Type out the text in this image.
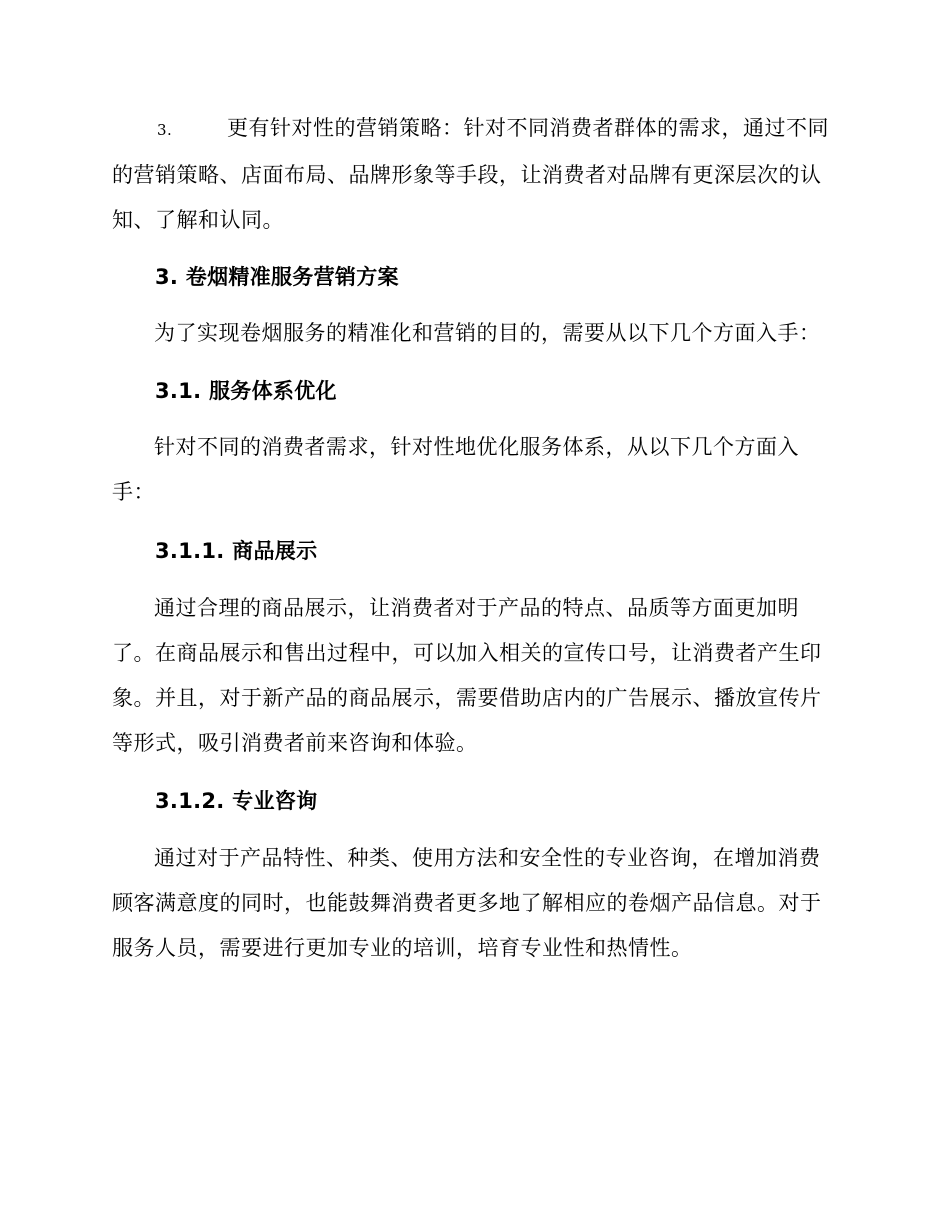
3.	更有针对性的营销策略：针对不同消费者群体的需求，通过不同的营销策略、店面布局、品牌形象等手段，让消费者对品牌有更深层次的认知、了解和认同。

3. 卷烟精准服务营销方案

为了实现卷烟服务的精准化和营销的目的，需要从以下几个方面入手：

3.1. 服务体系优化

针对不同的消费者需求，针对性地优化服务体系，从以下几个方面入手：

3.1.1. 商品展示

通过合理的商品展示，让消费者对于产品的特点、品质等方面更加明了。在商品展示和售出过程中，可以加入相关的宣传口号，让消费者产生印象。并且，对于新产品的商品展示，需要借助店内的广告展示、播放宣传片等形式，吸引消费者前来咨询和体验。

3.1.2. 专业咨询

通过对于产品特性、种类、使用方法和安全性的专业咨询，在增加消费顾客满意度的同时，也能鼓舞消费者更多地了解相应的卷烟产品信息。对于服务人员，需要进行更加专业的培训，培育专业性和热情性。
